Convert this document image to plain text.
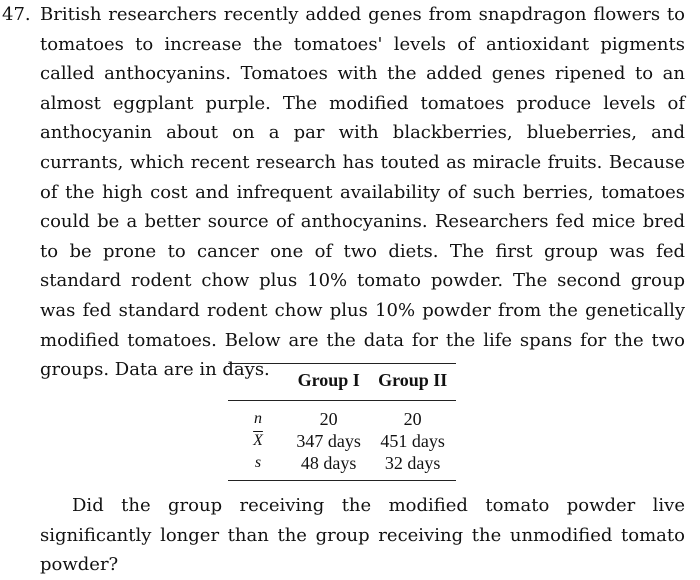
47. British researchers recently added genes from snapdragon flowers to tomatoes to increase the tomatoes' levels of antioxidant pigments called anthocyanins. Tomatoes with the added genes ripened to an almost eggplant purple. The modified tomatoes produce levels of anthocyanin about on a par with blackberries, blueberries, and currants, which recent research has touted as miracle fruits. Because of the high cost and infrequent availability of such berries, tomatoes could be a better source of anthocyanins. Researchers fed mice bred to be prone to cancer one of two diets. The first group was fed standard rodent chow plus 10% tomato powder. The second group was fed standard rodent chow plus 10% powder from the genetically modified tomatoes. Below are the data for the life spans for the two groups. Data are in days.
		Group I	Group II
n	20	20
$\overline{X}$	347 days	451 days
s	48 days	32 days
Did the group receiving the modified tomato powder live significantly longer than the group receiving the unmodified tomato powder?
